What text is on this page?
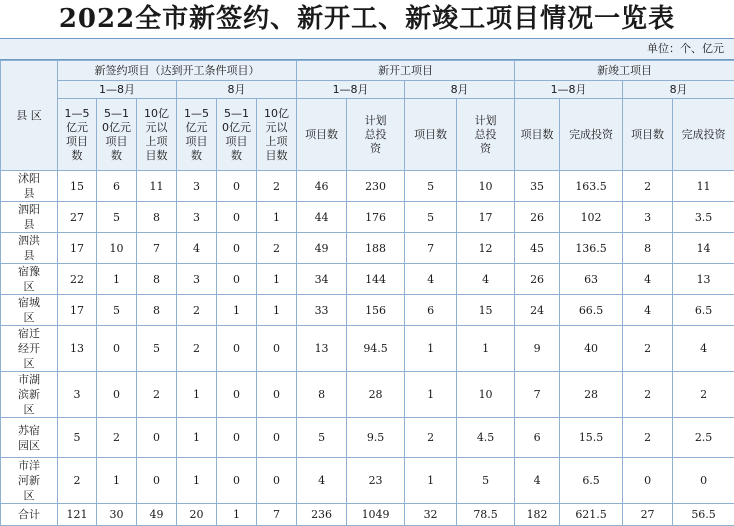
2022全市新签约、新开工、新竣工项目情况一览表
单位：个、亿元
县 区	新签约项目（达到开工条件项目）						新开工项目				新竣工项目			
	1—8月			8月			1—8月		8月		1—8月		8月	

	1—5亿元项目数	5—10亿元项目数	10亿元以上项目数	1—5亿元项目数	5—10亿元项目数	10亿元以上项目数	项目数	计划总投资	项目数	计划总投资	项目数	完成投资	项目数	完成投资

沭阳县	15	6	11	3	0	2	46	230	5	10	35	163.5	2	11

泗阳县	27	5	8	3	0	1	44	176	5	17	26	102	3	3.5

泗洪县	17	10	7	4	0	2	49	188	7	12	45	136.5	8	14

宿豫区	22	1	8	3	0	1	34	144	4	4	26	63	4	13

宿城区	17	5	8	2	1	1	33	156	6	15	24	66.5	4	6.5

宿迁经开区	13	0	5	2	0	0	13	94.5	1	1	9	40	2	4

市湖滨新区	3	0	2	1	0	0	8	28	1	10	7	28	2	2

苏宿园区	5	2	0	1	0	0	5	9.5	2	4.5	6	15.5	2	2.5

市洋河新区	2	1	0	1	0	0	4	23	1	5	4	6.5	0	0

合计	121	30	49	20	1	7	236	1049	32	78.5	182	621.5	27	56.5
